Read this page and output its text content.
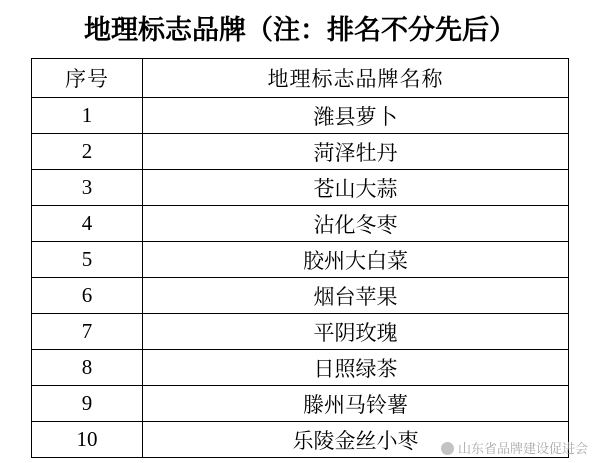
地理标志品牌（注：排名不分先后）
序号	地理标志品牌名称
1	潍县萝卜
2	菏泽牡丹
3	苍山大蒜
4	沾化冬枣
5	胶州大白菜
6	烟台苹果
7	平阴玫瑰
8	日照绿茶
9	滕州马铃薯
10	乐陵金丝小枣	山东省品牌建设促进会
